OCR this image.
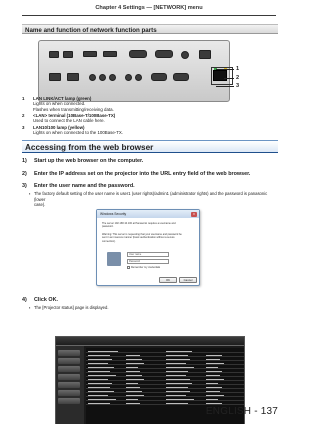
Chapter 4 Settings — [NETWORK] menu
Name and function of network function parts
1
2
3
1 LAN LINK/ACT lamp (green)
Lights on when connected.
Flashes when transmitting/receiving data.
2 <LAN> terminal (10Base-T/100Base-TX)
Used to connect the LAN cable here.
3 LAN10/100 lamp (yellow)
Lights on when connected to the 100Base-TX.
Accessing from the web browser
1) Start up the web browser on the computer.
2) Enter the IP address set on the projector into the URL entry field of the web browser.
3) Enter the user name and the password.
▪ The factory default setting of the user name is user1 (user rights)/admin1 (administrator rights) and the password is panasonic (lower
case).
Windows Security	x
The server 192.168.10.100 at Panasonic requires a username and
password.
Warning: This server is requesting that your username and password be
sent in an insecure manner (basic authentication without a secure
connection).
User name
Password
Remember my credentials
OK	Cancel
4) Click OK.
▪ The [Projector status] page is displayed.
ENGLISH - 137
